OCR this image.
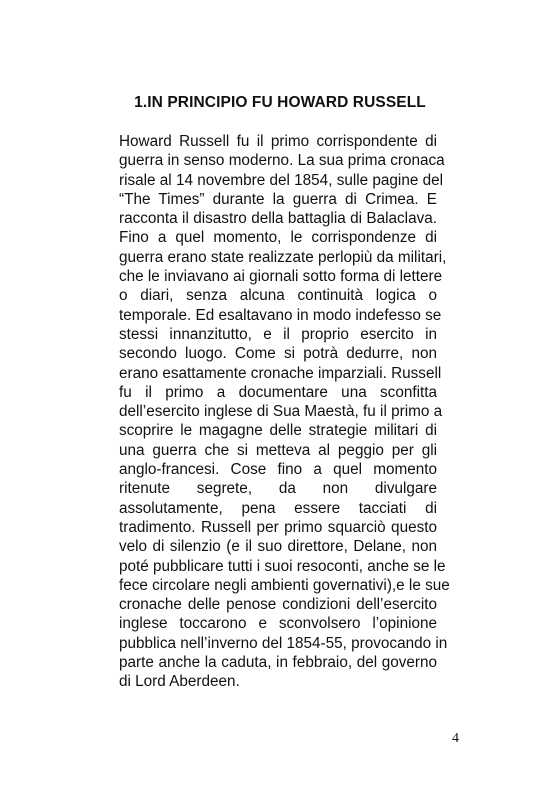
1.IN PRINCIPIO FU HOWARD RUSSELL
Howard Russell fu il primo corrispondente di
guerra in senso moderno. La sua prima cronaca
risale al 14 novembre del 1854, sulle pagine del
“The Times” durante la guerra di Crimea. E
racconta il disastro della battaglia di Balaclava.
Fino a quel momento, le corrispondenze di
guerra erano state realizzate perlopiù da militari,
che le inviavano ai giornali sotto forma di lettere
o diari, senza alcuna continuità logica o
temporale. Ed esaltavano in modo indefesso se
stessi innanzitutto, e il proprio esercito in
secondo luogo. Come si potrà dedurre, non
erano esattamente cronache imparziali. Russell
fu il primo a documentare una sconfitta
dell’esercito inglese di Sua Maestà, fu il primo a
scoprire le magagne delle strategie militari di
una guerra che si metteva al peggio per gli
anglo-francesi. Cose fino a quel momento
ritenute segrete, da non divulgare
assolutamente, pena essere tacciati di
tradimento. Russell per primo squarciò questo
velo di silenzio (e il suo direttore, Delane, non
poté pubblicare tutti i suoi resoconti, anche se le
fece circolare negli ambienti governativi),e le sue
cronache delle penose condizioni dell’esercito
inglese toccarono e sconvolsero l’opinione
pubblica nell’inverno del 1854-55, provocando in
parte anche la caduta, in febbraio, del governo
di Lord Aberdeen.
4
